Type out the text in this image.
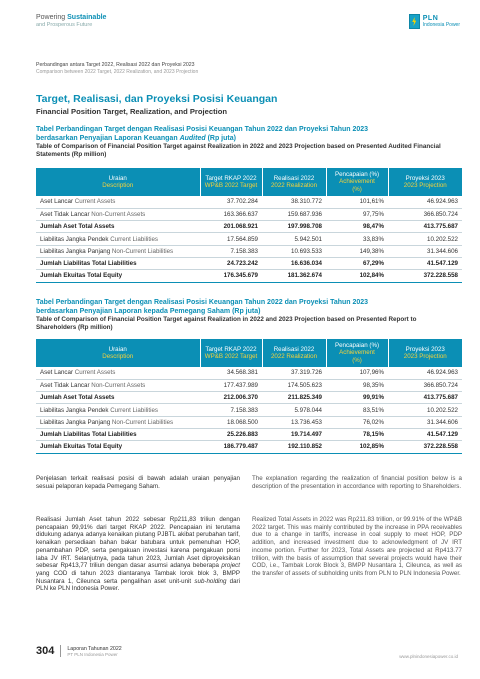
Powering Sustainable
and Prosperous Future
PLN
Indonesia Power
Perbandingan antara Target 2022, Realisasi 2022 dan Proyeksi 2023
Comparison between 2022 Target, 2022 Realization, and 2023 Projection
Target, Realisasi, dan Proyeksi Posisi Keuangan
Financial Position Target, Realization, and Projection
Tabel Perbandingan Target dengan Realisasi Posisi Keuangan Tahun 2022 dan Proyeksi Tahun 2023
berdasarkan Penyajian Laporan Keuangan Audited (Rp juta)
Table of Comparison of Financial Position Target against Realization in 2022 and 2023 Projection based on Presented Audited Financial Statements (Rp million)
Uraian
Description	Target RKAP 2022
WP&B 2022 Target	Realisasi 2022
2022 Realization	Pencapaian (%)
Achievement
(%)	Proyeksi 2023
2023 Projection

Aset Lancar Current Assets	37.702.284	38.310.772	101,61%	46.924.963
Aset Tidak Lancar Non-Current Assets	163.366.637	159.687.936	97,75%	366.850.724
Jumlah Aset Total Assets	201.068.921	197.998.708	98,47%	413.775.687
Liabilitas Jangka Pendek Current Liabilities	17.564.859	5.942.501	33,83%	10.202.522
Liabilitas Jangka Panjang Non-Current Liabilities	7.158.383	10.693.533	149,38%	31.344.606
Jumlah Liabilitas Total Liabilities	24.723.242	16.636.034	67,29%	41.547.129
Jumlah Ekuitas Total Equity	176.345.679	181.362.674	102,84%	372.228.558
Tabel Perbandingan Target dengan Realisasi Posisi Keuangan Tahun 2022 dan Proyeksi Tahun 2023
berdasarkan Penyajian Laporan kepada Pemegang Saham (Rp juta)
Table of Comparison of Financial Position Target against Realization in 2022 and 2023 Projection based on Presented Report to Shareholders (Rp million)
Uraian
Description	Target RKAP 2022
WP&B 2022 Target	Realisasi 2022
2022 Realization	Pencapaian (%)
Achievement
(%)	Proyeksi 2023
2023 Projection

Aset Lancar Current Assets	34.568.381	37.319.726	107,96%	46.924.963
Aset Tidak Lancar Non-Current Assets	177.437.989	174.505.623	98,35%	366.850.724
Jumlah Aset Total Assets	212.006.370	211.825.349	99,91%	413.775.687
Liabilitas Jangka Pendek Current Liabilities	7.158.383	5.978.044	83,51%	10.202.522
Liabilitas Jangka Panjang Non-Current Liabilities	18.068.500	13.736.453	76,02%	31.344.606
Jumlah Liabilitas Total Liabilities	25.226.883	19.714.497	78,15%	41.547.129
Jumlah Ekuitas Total Equity	186.779.487	192.110.852	102,85%	372.228.558
Penjelasan terkait realisasi posisi di bawah adalah uraian penyajian sesuai pelaporan kepada Pemegang Saham.
The explanation regarding the realization of financial position below is a description of the presentation in accordance with reporting to Shareholders.
Realisasi Jumlah Aset tahun 2022 sebesar Rp211,83 triliun dengan pencapaian 99,91% dari target RKAP 2022. Pencapaian ini terutama didukung adanya adanya kenaikan piutang PJBTL akibat perubahan tarif, kenaikan persediaan bahan bakar batubara untuk pemenuhan HOP, penambahan PDP, serta pengakuan investasi karena pengakuan porsi laba JV IRT. Selanjutnya, pada tahun 2023, Jumlah Aset diproyeksikan sebesar Rp413,77 triliun dengan dasar asumsi adanya beberapa project yang COD di tahun 2023 diantaranya Tambak lorok blok 3, BMPP Nusantara 1, Cileunca serta pengalihan aset unit-unit sub-holding dari PLN ke PLN Indonesia Power.
Realized Total Assets in 2022 was Rp211.83 trillion, or 99.91% of the WP&B 2022 target. This was mainly contributed by the increase in PPA receivables due to a change in tariffs, increase in coal supply to meet HOP, PDP addition, and increased investment due to acknowledgment of JV IRT income portion. Further for 2023, Total Assets are projected at Rp413.77 trillion, with the basis of assumption that several projects would have their COD, i.e., Tambak Lorok Block 3, BMPP Nusantara 1, Cileunca, as well as the transfer of assets of subholding units from PLN to PLN Indonesia Power.
304	Laporan Tahunan 2022
PT PLN Indonesia Power	www.plnindonesiapower.co.id
